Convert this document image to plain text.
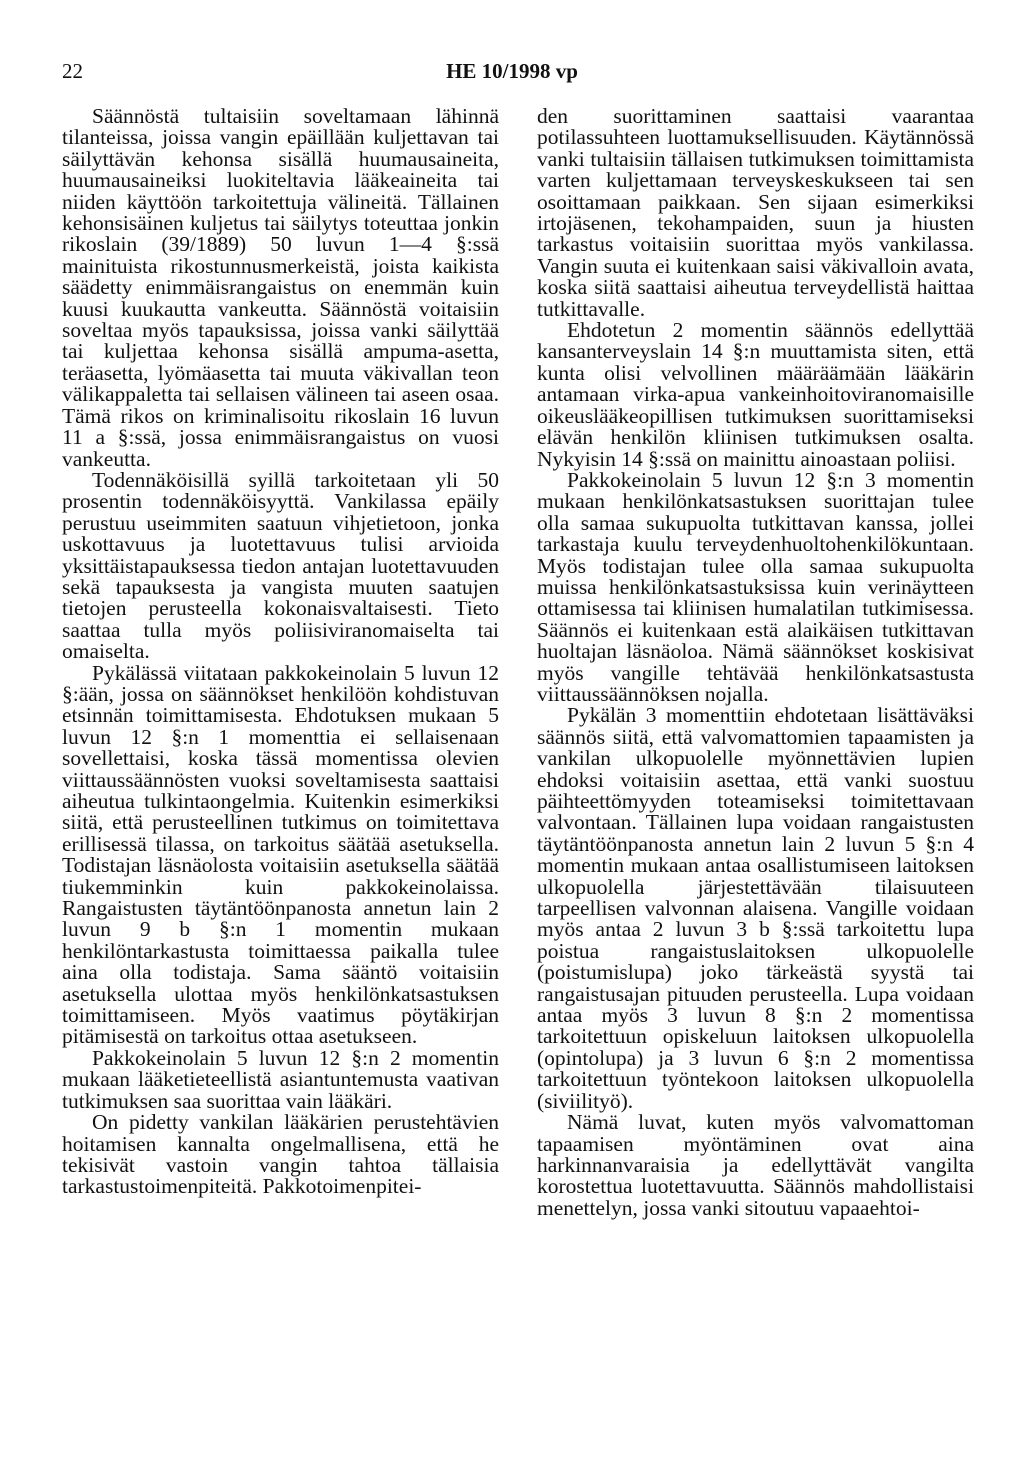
22	HE 10/1998 vp

Säännöstä tultaisiin soveltamaan lähinnä tilanteissa, joissa vangin epäillään kuljettavan tai säilyttävän kehonsa sisällä huumausaineita, huumausaineiksi luokiteltavia lääkeaineita tai niiden käyttöön tarkoitettuja välineitä. Tällainen kehonsisäinen kuljetus tai säilytys toteuttaa jonkin rikoslain (39/1889) 50 luvun 1—4 §:ssä mainituista rikostunnusmerkeistä, joista kaikista säädetty enimmäisrangaistus on enemmän kuin kuusi kuukautta vankeutta. Säännöstä voitaisiin soveltaa myös tapauksissa, joissa vanki säilyttää tai kuljettaa kehonsa sisällä ampuma-asetta, teräasetta, lyömäasetta tai muuta väkivallan teon välikappaletta tai sellaisen välineen tai aseen osaa. Tämä rikos on kriminalisoitu rikoslain 16 luvun 11 a §:ssä, jossa enimmäisrangaistus on vuosi vankeutta.

Todennäköisillä syillä tarkoitetaan yli 50 prosentin todennäköisyyttä. Vankilassa epäily perustuu useimmiten saatuun vihjetietoon, jonka uskottavuus ja luotettavuus tulisi arvioida yksittäistapauksessa tiedon antajan luotettavuuden sekä tapauksesta ja vangista muuten saatujen tietojen perusteella kokonaisvaltaisesti. Tieto saattaa tulla myös poliisiviranomaiselta tai omaiselta.

Pykälässä viitataan pakkokeinolain 5 luvun 12 §:ään, jossa on säännökset henkilöön kohdistuvan etsinnän toimittamisesta. Ehdotuksen mukaan 5 luvun 12 §:n 1 momenttia ei sellaisenaan sovellettaisi, koska tässä momentissa olevien viittaussäännösten vuoksi soveltamisesta saattaisi aiheutua tulkintaongelmia. Kuitenkin esimerkiksi siitä, että perusteellinen tutkimus on toimitettava erillisessä tilassa, on tarkoitus säätää asetuksella. Todistajan läsnäolosta voitaisiin asetuksella säätää tiukemminkin kuin pakkokeinolaissa. Rangaistusten täytäntöönpanosta annetun lain 2 luvun 9 b §:n 1 momentin mukaan henkilöntarkastusta toimittaessa paikalla tulee aina olla todistaja. Sama sääntö voitaisiin asetuksella ulottaa myös henkilönkatsastuksen toimittamiseen. Myös vaatimus pöytäkirjan pitämisestä on tarkoitus ottaa asetukseen.

Pakkokeinolain 5 luvun 12 §:n 2 momentin mukaan lääketieteellistä asiantuntemusta vaativan tutkimuksen saa suorittaa vain lääkäri.

On pidetty vankilan lääkärien perustehtävien hoitamisen kannalta ongelmallisena, että he tekisivät vastoin vangin tahtoa tällaisia tarkastustoimenpiteitä. Pakkotoimenpitei-

den suorittaminen saattaisi vaarantaa potilassuhteen luottamuksellisuuden. Käytännössä vanki tultaisiin tällaisen tutkimuksen toimittamista varten kuljettamaan terveyskeskukseen tai sen osoittamaan paikkaan. Sen sijaan esimerkiksi irtojäsenen, tekohampaiden, suun ja hiusten tarkastus voitaisiin suorittaa myös vankilassa. Vangin suuta ei kuitenkaan saisi väkivalloin avata, koska siitä saattaisi aiheutua terveydellistä haittaa tutkittavalle.

Ehdotetun 2 momentin säännös edellyttää kansanterveyslain 14 §:n muuttamista siten, että kunta olisi velvollinen määräämään lääkärin antamaan virka-apua vankeinhoitoviranomaisille oikeuslääkeopillisen tutkimuksen suorittamiseksi elävän henkilön kliinisen tutkimuksen osalta. Nykyisin 14 §:ssä on mainittu ainoastaan poliisi.

Pakkokeinolain 5 luvun 12 §:n 3 momentin mukaan henkilönkatsastuksen suorittajan tulee olla samaa sukupuolta tutkittavan kanssa, jollei tarkastaja kuulu terveydenhuoltohenkilökuntaan. Myös todistajan tulee olla samaa sukupuolta muissa henkilönkatsastuksissa kuin verinäytteen ottamisessa tai kliinisen humalatilan tutkimisessa. Säännös ei kuitenkaan estä alaikäisen tutkittavan huoltajan läsnäoloa. Nämä säännökset koskisivat myös vangille tehtävää henkilönkatsastusta viittaussäännöksen nojalla.

Pykälän 3 momenttiin ehdotetaan lisättäväksi säännös siitä, että valvomattomien tapaamisten ja vankilan ulkopuolelle myönnettävien lupien ehdoksi voitaisiin asettaa, että vanki suostuu päihteettömyyden toteamiseksi toimitettavaan valvontaan. Tällainen lupa voidaan rangaistusten täytäntöönpanosta annetun lain 2 luvun 5 §:n 4 momentin mukaan antaa osallistumiseen laitoksen ulkopuolella järjestettävään tilaisuuteen tarpeellisen valvonnan alaisena. Vangille voidaan myös antaa 2 luvun 3 b §:ssä tarkoitettu lupa poistua rangaistuslaitoksen ulkopuolelle (poistumislupa) joko tärkeästä syystä tai rangaistusajan pituuden perusteella. Lupa voidaan antaa myös 3 luvun 8 §:n 2 momentissa tarkoitettuun opiskeluun laitoksen ulkopuolella (opintolupa) ja 3 luvun 6 §:n 2 momentissa tarkoitettuun työntekoon laitoksen ulkopuolella (siviilityö).

Nämä luvat, kuten myös valvomattoman tapaamisen myöntäminen ovat aina harkinnanvaraisia ja edellyttävät vangilta korostettua luotettavuutta. Säännös mahdollistaisi menettelyn, jossa vanki sitoutuu vapaaehtoi-
